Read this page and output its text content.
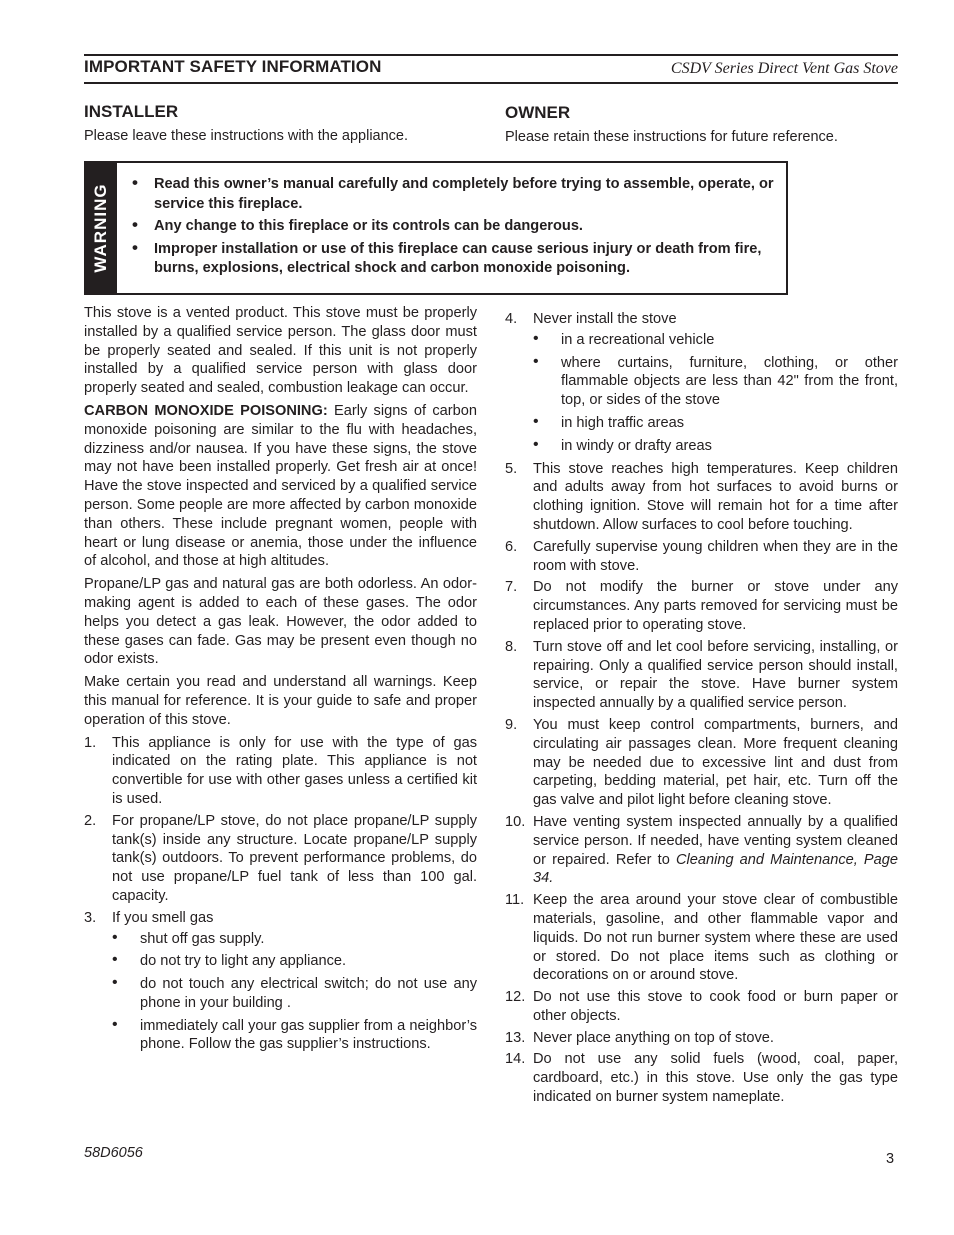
IMPORTANT SAFETY INFORMATION	CSDV Series Direct Vent Gas Stove
INSTALLER
Please leave these instructions with the appliance.
OWNER
Please retain these instructions for future reference.
WARNING
•	Read this owner’s manual carefully and completely before trying to assemble, operate, or service this fireplace.
• Any change to this fireplace or its controls can be dangerous.
• Improper installation or use of this fireplace can cause serious injury or death from fire, burns, explosions, electrical shock and carbon monoxide poisoning.

This stove is a vented product. This stove must be properly installed by a qualified service person. The glass door must be properly seated and sealed. If this unit is not properly installed by a qualified service person with glass door properly seated and sealed, combustion leakage can occur.

CARBON MONOXIDE POISONING: Early signs of carbon monoxide poisoning are similar to the flu with headaches, dizziness and/or nausea. If you have these signs, the stove may not have been installed properly. Get fresh air at once! Have the stove inspected and serviced by a qualified service person. Some people are more affected by carbon monoxide than others. These include pregnant women, people with heart or lung disease or anemia, those under the influence of alcohol, and those at high altitudes.

Propane/LP gas and natural gas are both odorless. An odor-making agent is added to each of these gases. The odor helps you detect a gas leak. However, the odor added to these gases can fade. Gas may be present even though no odor exists.

Make certain you read and understand all warnings. Keep this manual for reference. It is your guide to safe and proper operation of this stove.

1. This appliance is only for use with the type of gas indicated on the rating plate. This appliance is not convertible for use with other gases unless a certified kit is used.
2. For propane/LP stove, do not place propane/LP supply tank(s) inside any structure. Locate propane/LP supply tank(s) outdoors. To prevent performance problems, do not use propane/LP fuel tank of less than 100 gal. capacity.
3. If you smell gas
• shut off gas supply.
• do not try to light any appliance.
• do not touch any electrical switch; do not use any phone in your building .
• immediately call your gas supplier from a neighbor’s phone. Follow the gas supplier’s instructions.
4. Never install the stove
• in a recreational vehicle
• where curtains, furniture, clothing, or other flammable objects are less than 42" from the front, top, or sides of the stove
• in high traffic areas
• in windy or drafty areas
5. This stove reaches high temperatures. Keep children and adults away from hot surfaces to avoid burns or clothing ignition. Stove will remain hot for a time after shutdown. Allow surfaces to cool before touching.
6. Carefully supervise young children when they are in the room with stove.
7. Do not modify the burner or stove under any circumstances. Any parts removed for servicing must be replaced prior to operating stove.
8. Turn stove off and let cool before servicing, installing, or repairing. Only a qualified service person should install, service, or repair the stove. Have burner system inspected annually by a qualified service person.
9. You must keep control compartments, burners, and circulating air passages clean. More frequent cleaning may be needed due to excessive lint and dust from carpeting, bedding material, pet hair, etc. Turn off the gas valve and pilot light before cleaning stove.
10. Have venting system inspected annually by a qualified service person. If needed, have venting system cleaned or repaired. Refer to Cleaning and Maintenance, Page 34.
11. Keep the area around your stove clear of combustible materials, gasoline, and other flammable vapor and liquids. Do not run burner system where these are used or stored. Do not place items such as clothing or decorations on or around stove.
12. Do not use this stove to cook food or burn paper or other objects.
13. Never place anything on top of stove.
14. Do not use any solid fuels (wood, coal, paper, cardboard, etc.) in this stove. Use only the gas type indicated on burner system nameplate.
58D6056	3
